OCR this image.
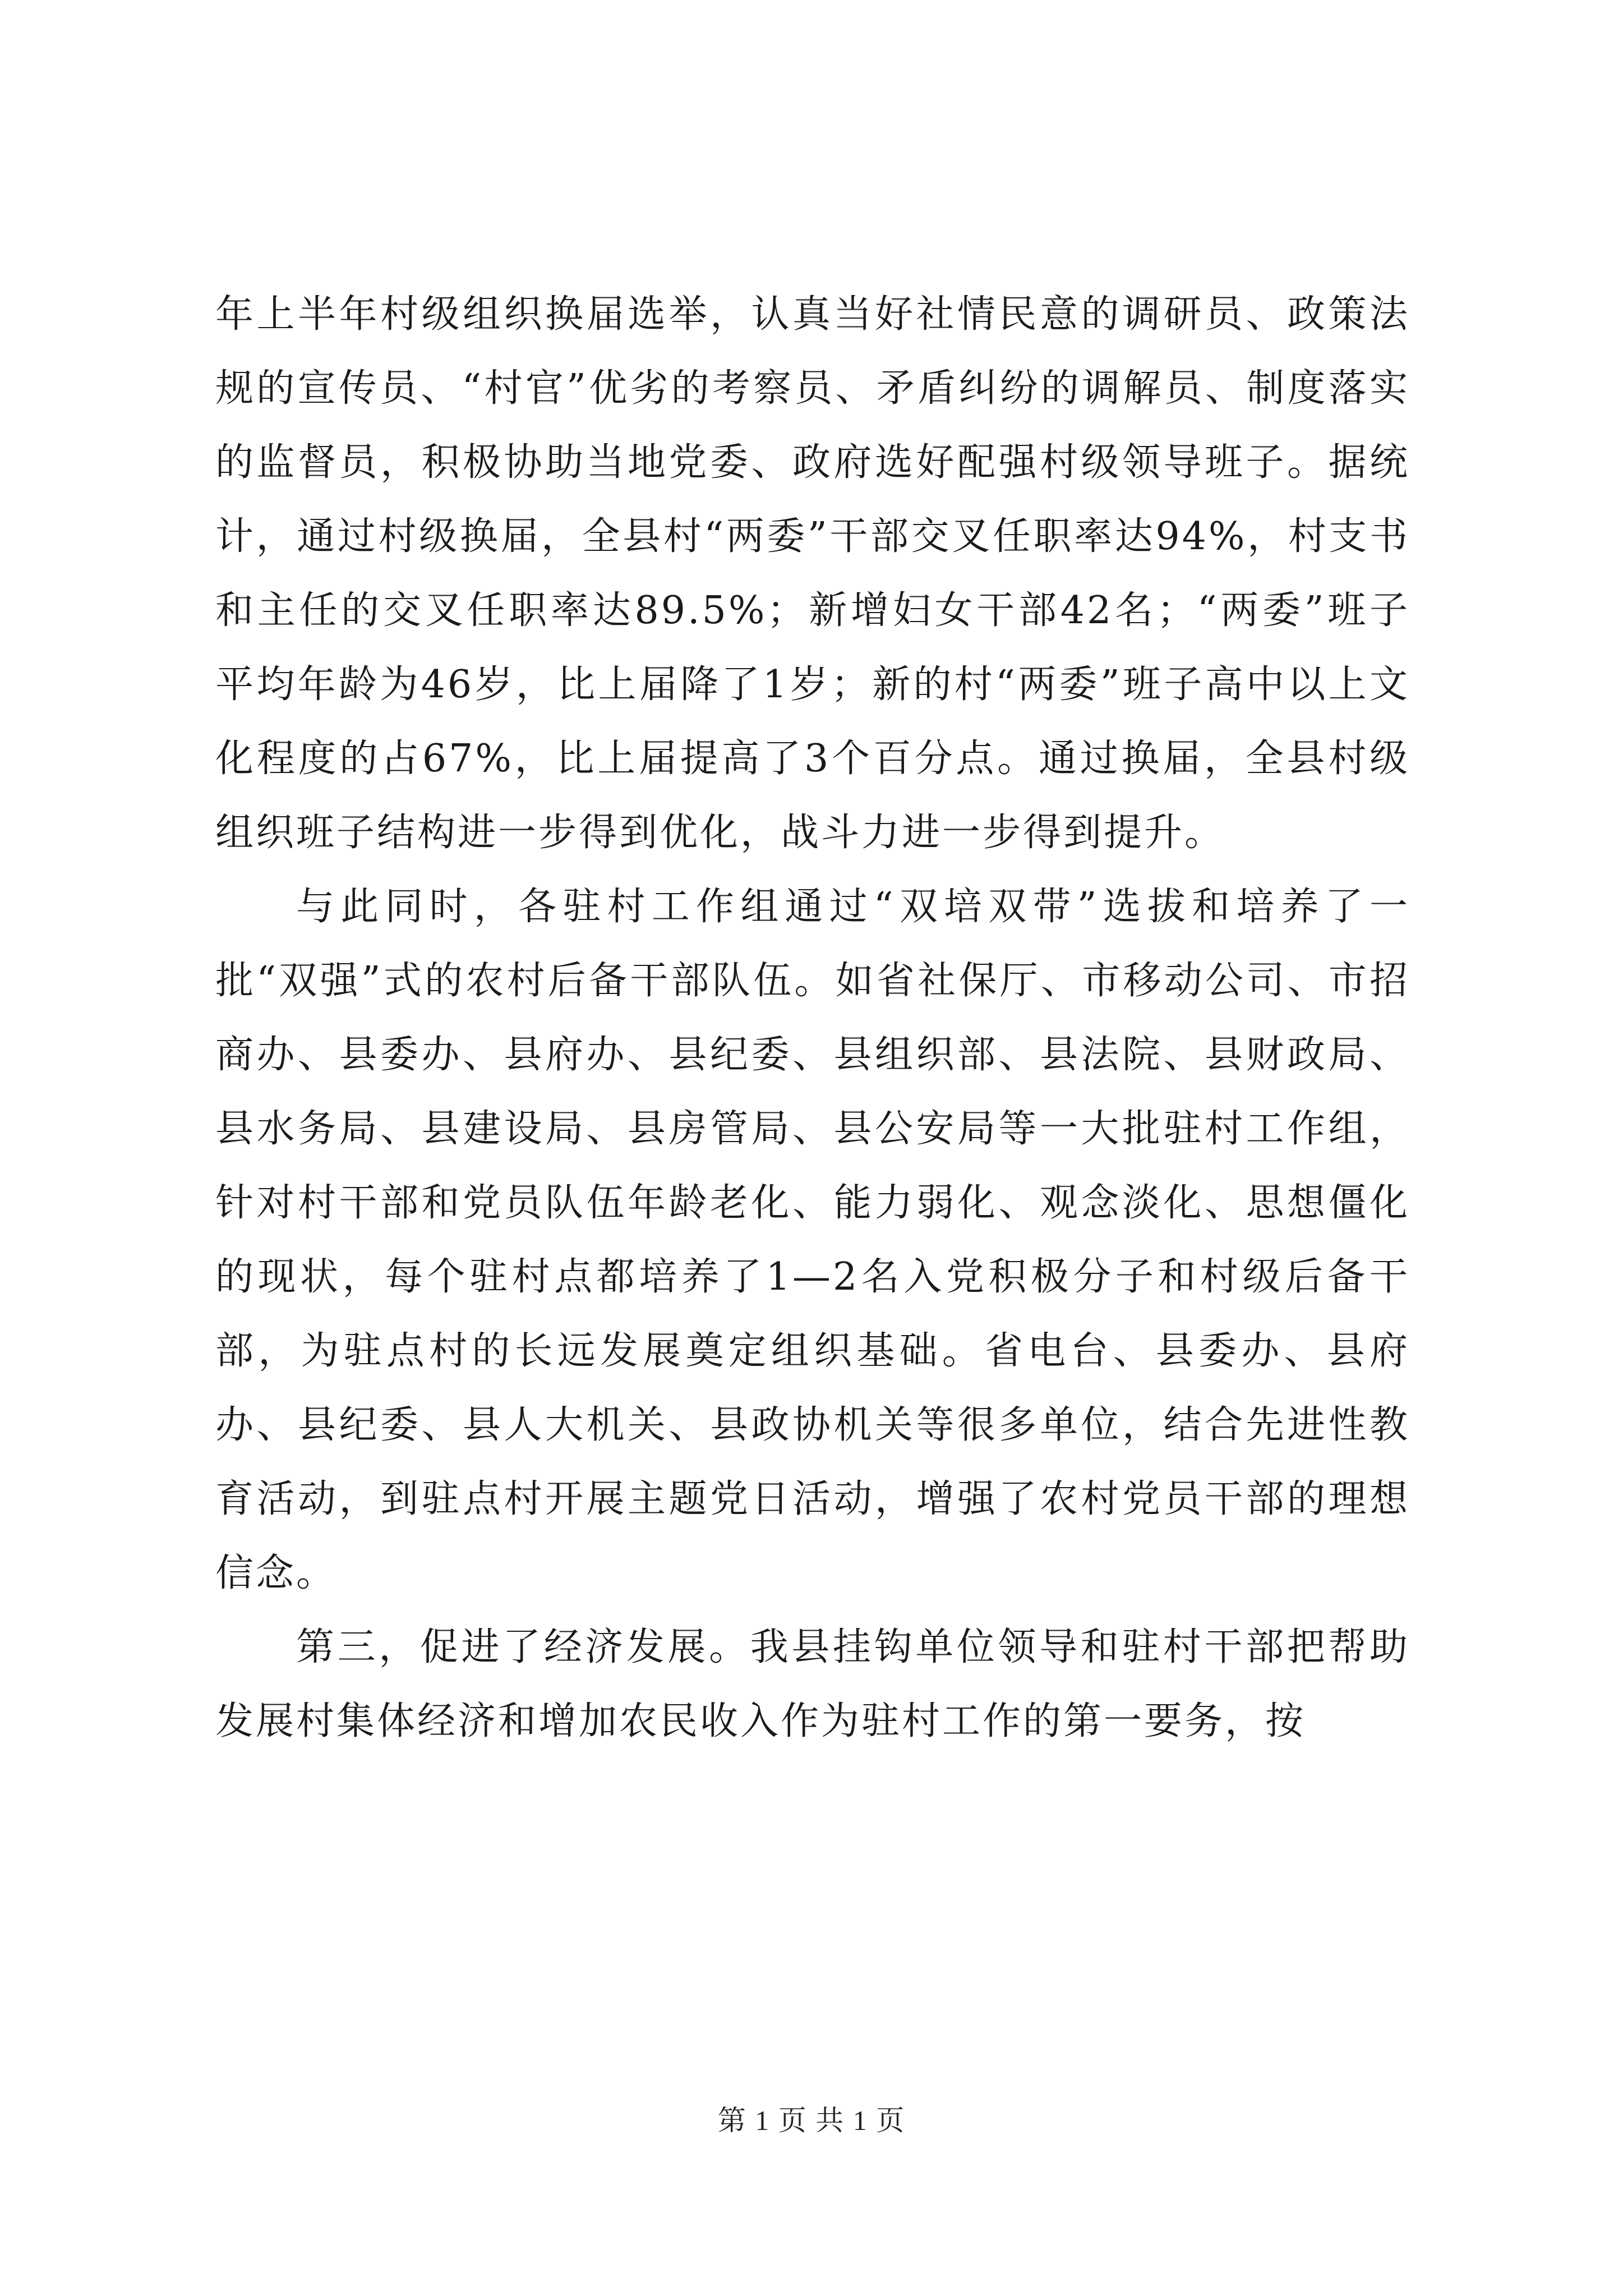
年上半年村级组织换届选举，认真当好社情民意的调研员、政策法规的宣传员、“村官”优劣的考察员、矛盾纠纷的调解员、制度落实的监督员，积极协助当地党委、政府选好配强村级领导班子。据统计，通过村级换届，全县村“两委”干部交叉任职率达94%，村支书和主任的交叉任职率达89.5%；新增妇女干部42名；“两委”班子平均年龄为46岁，比上届降了1岁；新的村“两委”班子高中以上文化程度的占67%，比上届提高了3个百分点。通过换届，全县村级组织班子结构进一步得到优化，战斗力进一步得到提升。

与此同时，各驻村工作组通过“双培双带”选拔和培养了一批“双强”式的农村后备干部队伍。如省社保厅、市移动公司、市招商办、县委办、县府办、县纪委、县组织部、县法院、县财政局、县水务局、县建设局、县房管局、县公安局等一大批驻村工作组，针对村干部和党员队伍年龄老化、能力弱化、观念淡化、思想僵化的现状，每个驻村点都培养了1—2名入党积极分子和村级后备干部，为驻点村的长远发展奠定组织基础。省电台、县委办、县府办、县纪委、县人大机关、县政协机关等很多单位，结合先进性教育活动，到驻点村开展主题党日活动，增强了农村党员干部的理想信念。

第三，促进了经济发展。我县挂钩单位领导和驻村干部把帮助发展村集体经济和增加农民收入作为驻村工作的第一要务，按

第 1 页 共 1 页
